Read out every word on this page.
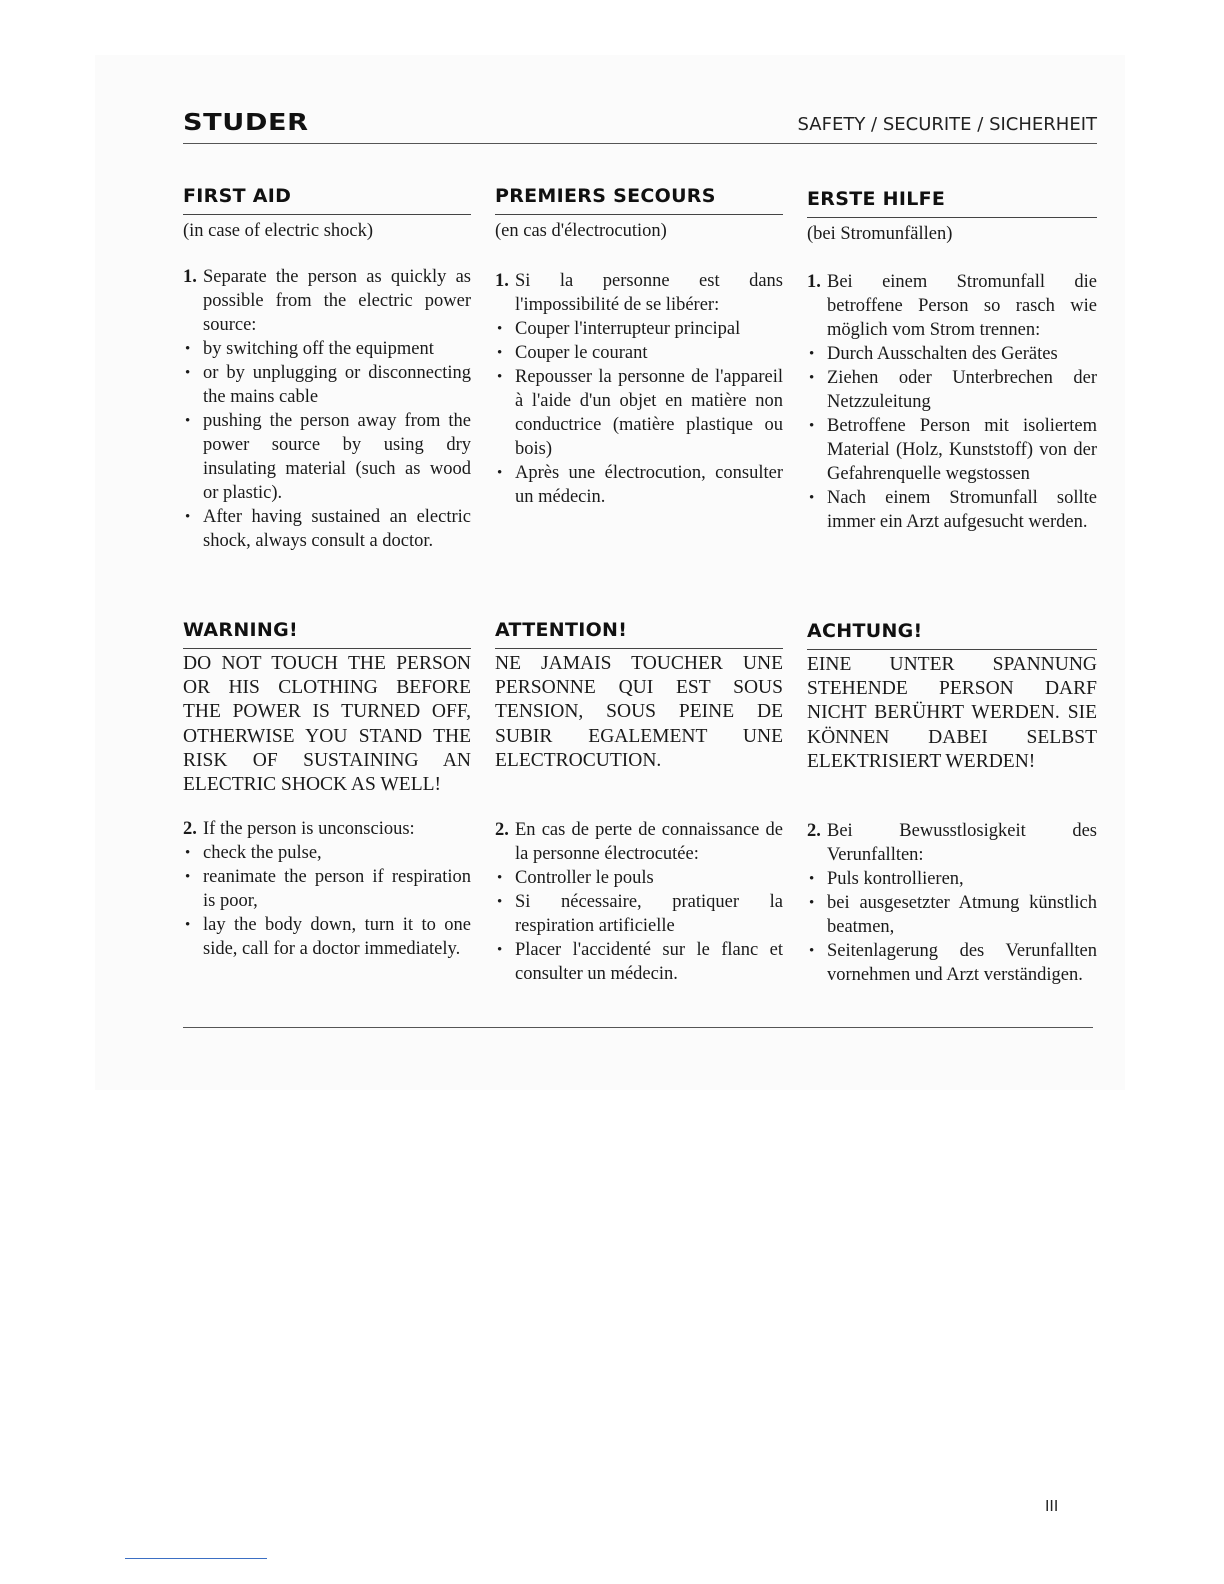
STUDER	SAFETY / SECURITE / SICHERHEIT
FIRST AID
(in case of electric shock)
1. Separate the person as quickly as possible from the electric power source:
• by switching off the equipment
• or by unplugging or disconnecting the mains cable
• pushing the person away from the power source by using dry insulating material (such as wood or plastic).
• After having sustained an electric shock, always consult a doctor.
WARNING!
DO NOT TOUCH THE PERSON OR HIS CLOTHING BEFORE THE POWER IS TURNED OFF, OTHERWISE YOU STAND THE RISK OF SUSTAINING AN ELECTRIC SHOCK AS WELL!
2. If the person is unconscious:
• check the pulse,
• reanimate the person if respiration is poor,
• lay the body down, turn it to one side, call for a doctor immediately.
PREMIERS SECOURS
(en cas d'électrocution)
1. Si la personne est dans l'impossibilité de se libérer:
• Couper l'interrupteur principal
• Couper le courant
• Repousser la personne de l'appareil à l'aide d'un objet en matière non conductrice (matière plastique ou bois)
• Après une électrocution, consulter un médecin.
ATTENTION!
NE JAMAIS TOUCHER UNE PERSONNE QUI EST SOUS TENSION, SOUS PEINE DE SUBIR EGALEMENT UNE ELECTROCUTION.
2. En cas de perte de connaissance de la personne électrocutée:
• Controller le pouls
• Si nécessaire, pratiquer la respiration artificielle
• Placer l'accidenté sur le flanc et consulter un médecin.
ERSTE HILFE
(bei Stromunfällen)
1. Bei einem Stromunfall die betroffene Person so rasch wie möglich vom Strom trennen:
• Durch Ausschalten des Gerätes
• Ziehen oder Unterbrechen der Netzzuleitung
• Betroffene Person mit isoliertem Material (Holz, Kunststoff) von der Gefahrenquelle wegstossen
• Nach einem Stromunfall sollte immer ein Arzt aufgesucht werden.
ACHTUNG!
EINE UNTER SPANNUNG STEHENDE PERSON DARF NICHT BERÜHRT WERDEN. SIE KÖNNEN DABEI SELBST ELEKTRISIERT WERDEN!
2. Bei Bewusstlosigkeit des Verunfallten:
• Puls kontrollieren,
• bei ausgesetzter Atmung künstlich beatmen,
• Seitenlagerung des Verunfallten vornehmen und Arzt verständigen.
III
